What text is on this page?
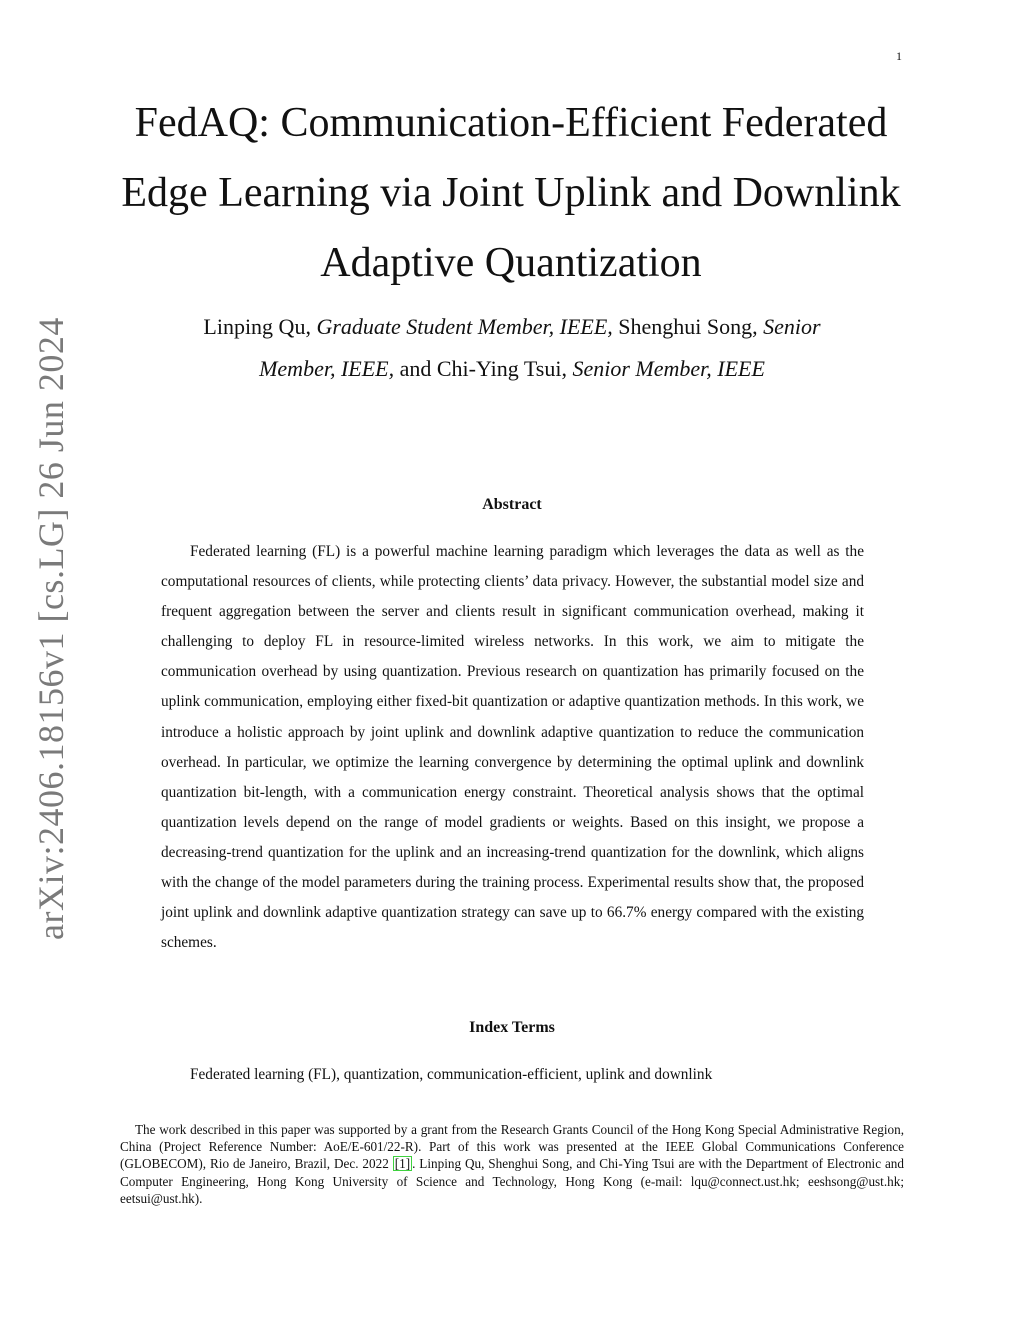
1
arXiv:2406.18156v1 [cs.LG] 26 Jun 2024
FedAQ: Communication-Efficient Federated
Edge Learning via Joint Uplink and Downlink
Adaptive Quantization
Linping Qu, Graduate Student Member, IEEE, Shenghui Song, Senior
Member, IEEE, and Chi-Ying Tsui, Senior Member, IEEE
Abstract

Federated learning (FL) is a powerful machine learning paradigm which leverages the data as well as the computational resources of clients, while protecting clients’ data privacy. However, the substantial model size and frequent aggregation between the server and clients result in significant communication overhead, making it challenging to deploy FL in resource-limited wireless networks. In this work, we aim to mitigate the communication overhead by using quantization. Previous research on quantization has primarily focused on the uplink communication, employing either fixed-bit quantization or adaptive quantization methods. In this work, we introduce a holistic approach by joint uplink and downlink adaptive quantization to reduce the communication overhead. In particular, we optimize the learning convergence by determining the optimal uplink and downlink quantization bit-length, with a communication energy constraint. Theoretical analysis shows that the optimal quantization levels depend on the range of model gradients or weights. Based on this insight, we propose a decreasing-trend quantization for the uplink and an increasing-trend quantization for the downlink, which aligns with the change of the model parameters during the training process. Experimental results show that, the proposed joint uplink and downlink adaptive quantization strategy can save up to 66.7% energy compared with the existing schemes.

Index Terms

Federated learning (FL), quantization, communication-efficient, uplink and downlink

The work described in this paper was supported by a grant from the Research Grants Council of the Hong Kong Special Administrative Region, China (Project Reference Number: AoE/E-601/22-R). Part of this work was presented at the IEEE Global Communications Conference (GLOBECOM), Rio de Janeiro, Brazil, Dec. 2022 [1] . Linping Qu, Shenghui Song, and Chi-Ying Tsui are with the Department of Electronic and Computer Engineering, Hong Kong University of Science and Technology, Hong Kong (e-mail: lqu@connect.ust.hk; eeshsong@ust.hk; eetsui@ust.hk).
